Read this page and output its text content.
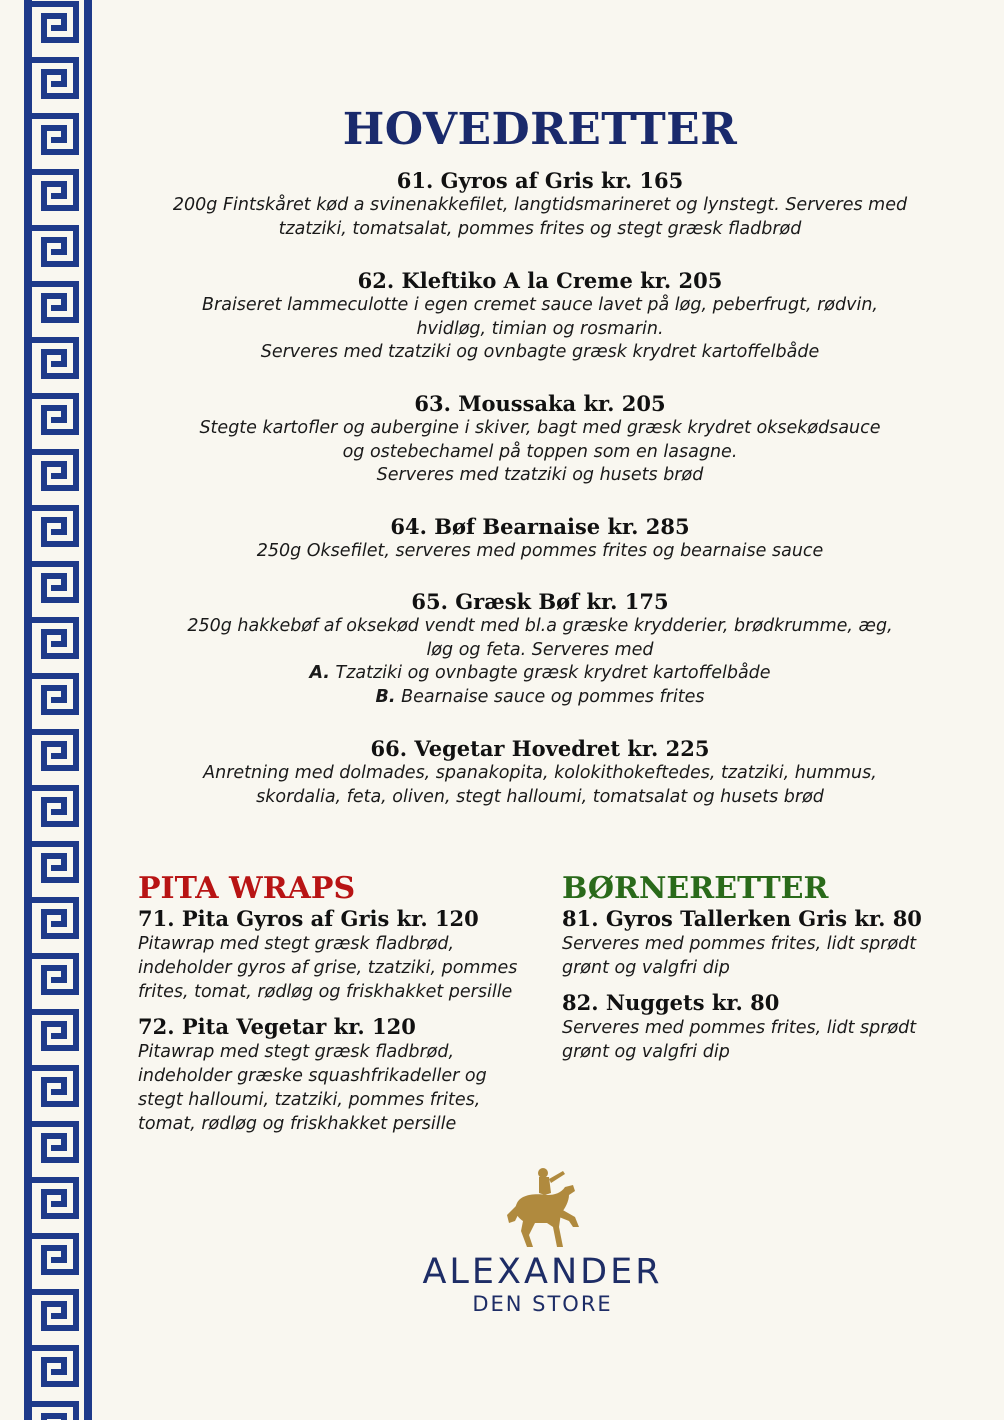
HOVEDRETTER
61. Gyros af Gris kr. 165
200g Fintskåret kød a svinenakkefilet, langtidsmarineret og lynstegt. Serveres med
tzatziki, tomatsalat, pommes frites og stegt græsk fladbrød
62. Kleftiko A la Creme kr. 205
Braiseret lammeculotte i egen cremet sauce lavet på løg, peberfrugt, rødvin,
hvidløg, timian og rosmarin.
Serveres med tzatziki og ovnbagte græsk krydret kartoffelbåde
63. Moussaka kr. 205
Stegte kartofler og aubergine i skiver, bagt med græsk krydret oksekødsauce
og ostebechamel på toppen som en lasagne.
Serveres med tzatziki og husets brød
64. Bøf Bearnaise kr. 285
250g Oksefilet, serveres med pommes frites og bearnaise sauce
65. Græsk Bøf kr. 175
250g hakkebøf af oksekød vendt med bl.a græske krydderier, brødkrumme, æg,
løg og feta. Serveres med
A. Tzatziki og ovnbagte græsk krydret kartoffelbåde
B. Bearnaise sauce og pommes frites
66. Vegetar Hovedret kr. 225
Anretning med dolmades, spanakopita, kolokithokeftedes, tzatziki, hummus,
skordalia, feta, oliven, stegt halloumi, tomatsalat og husets brød
PITA WRAPS
71. Pita Gyros af Gris kr. 120
Pitawrap med stegt græsk fladbrød,
indeholder gyros af grise, tzatziki, pommes
frites, tomat, rødløg og friskhakket persille
72. Pita Vegetar kr. 120
Pitawrap med stegt græsk fladbrød,
indeholder græske squashfrikadeller og
stegt halloumi, tzatziki, pommes frites,
tomat, rødløg og friskhakket persille
BØRNERETTER
81. Gyros Tallerken Gris kr. 80
Serveres med pommes frites, lidt sprødt
grønt og valgfri dip
82. Nuggets kr. 80
Serveres med pommes frites, lidt sprødt
grønt og valgfri dip
ALEXANDER
DEN STORE
